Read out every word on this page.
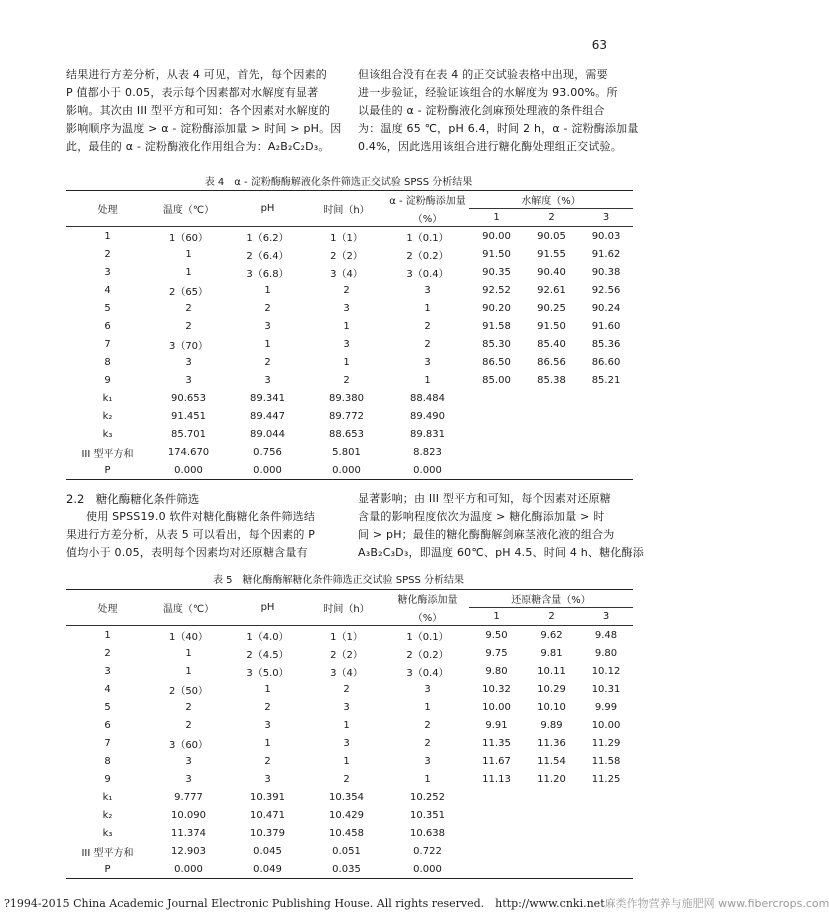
63
结果进行方差分析，从表 4 可见，首先，每个因素的
P 值都小于 0.05，表示每个因素都对水解度有显著
影响。其次由 III 型平方和可知：各个因素对水解度的
影响顺序为温度 > α - 淀粉酶添加量 > 时间 > pH。因
此，最佳的 α - 淀粉酶液化作用组合为：A₂B₂C₂D₃。
但该组合没有在表 4 的正交试验表格中出现，需要
进一步验证，经验证该组合的水解度为 93.00%。所
以最佳的 α - 淀粉酶液化剑麻预处理液的条件组合
为：温度 65 ℃，pH 6.4，时间 2 h，α - 淀粉酶添加量
0.4%，因此选用该组合进行糖化酶处理组正交试验。
表 4　α - 淀粉酶酶解液化条件筛选正交试验 SPSS 分析结果
处理	温度（℃）	pH	时间（h）	α - 淀粉酶添加量	水解度（%）		
				（%）	1	2	3
1	1（60）	1（6.2）	1（1）	1（0.1）	90.00	90.05	90.03
2	1	2（6.4）	2（2）	2（0.2）	91.50	91.55	91.62
3	1	3（6.8）	3（4）	3（0.4）	90.35	90.40	90.38
4	2（65）	1	2	3	92.52	92.61	92.56
5	2	2	3	1	90.20	90.25	90.24
6	2	3	1	2	91.58	91.50	91.60
7	3（70）	1	3	2	85.30	85.40	85.36
8	3	2	1	3	86.50	86.56	86.60
9	3	3	2	1	85.00	85.38	85.21
k₁	90.653	89.341	89.380	88.484			
k₂	91.451	89.447	89.772	89.490			
k₃	85.701	89.044	88.653	89.831			
III 型平方和	174.670	0.756	5.801	8.823			
P	0.000	0.000	0.000	0.000			
2.2　糖化酶糖化条件筛选
使用 SPSS19.0 软件对糖化酶糖化条件筛选结
果进行方差分析，从表 5 可以看出，每个因素的 P
值均小于 0.05，表明每个因素均对还原糖含量有
显著影响；由 III 型平方和可知，每个因素对还原糖
含量的影响程度依次为温度 > 糖化酶添加量 > 时
间 > pH；最佳的糖化酶酶解剑麻茎液化液的组合为
A₃B₂C₃D₃，即温度 60℃、pH 4.5、时间 4 h、糖化酶添
表 5　糖化酶酶解糖化条件筛选正交试验 SPSS 分析结果
处理	温度（℃）	pH	时间（h）	糖化酶添加量	还原糖含量（%）		
				（%）	1	2	3
1	1（40）	1（4.0）	1（1）	1（0.1）	9.50	9.62	9.48
2	1	2（4.5）	2（2）	2（0.2）	9.75	9.81	9.80
3	1	3（5.0）	3（4）	3（0.4）	9.80	10.11	10.12
4	2（50）	1	2	3	10.32	10.29	10.31
5	2	2	3	1	10.00	10.10	9.99
6	2	3	1	2	9.91	9.89	10.00
7	3（60）	1	3	2	11.35	11.36	11.29
8	3	2	1	3	11.67	11.54	11.58
9	3	3	2	1	11.13	11.20	11.25
k₁	9.777	10.391	10.354	10.252			
k₂	10.090	10.471	10.429	10.351			
k₃	11.374	10.379	10.458	10.638			
III 型平方和	12.903	0.045	0.051	0.722			
P	0.000	0.049	0.035	0.000			
?1994-2015 China Academic Journal Electronic Publishing House. All rights reserved.　http://www.cnki.net麻类作物营养与施肥网 www.fibercrops.com
